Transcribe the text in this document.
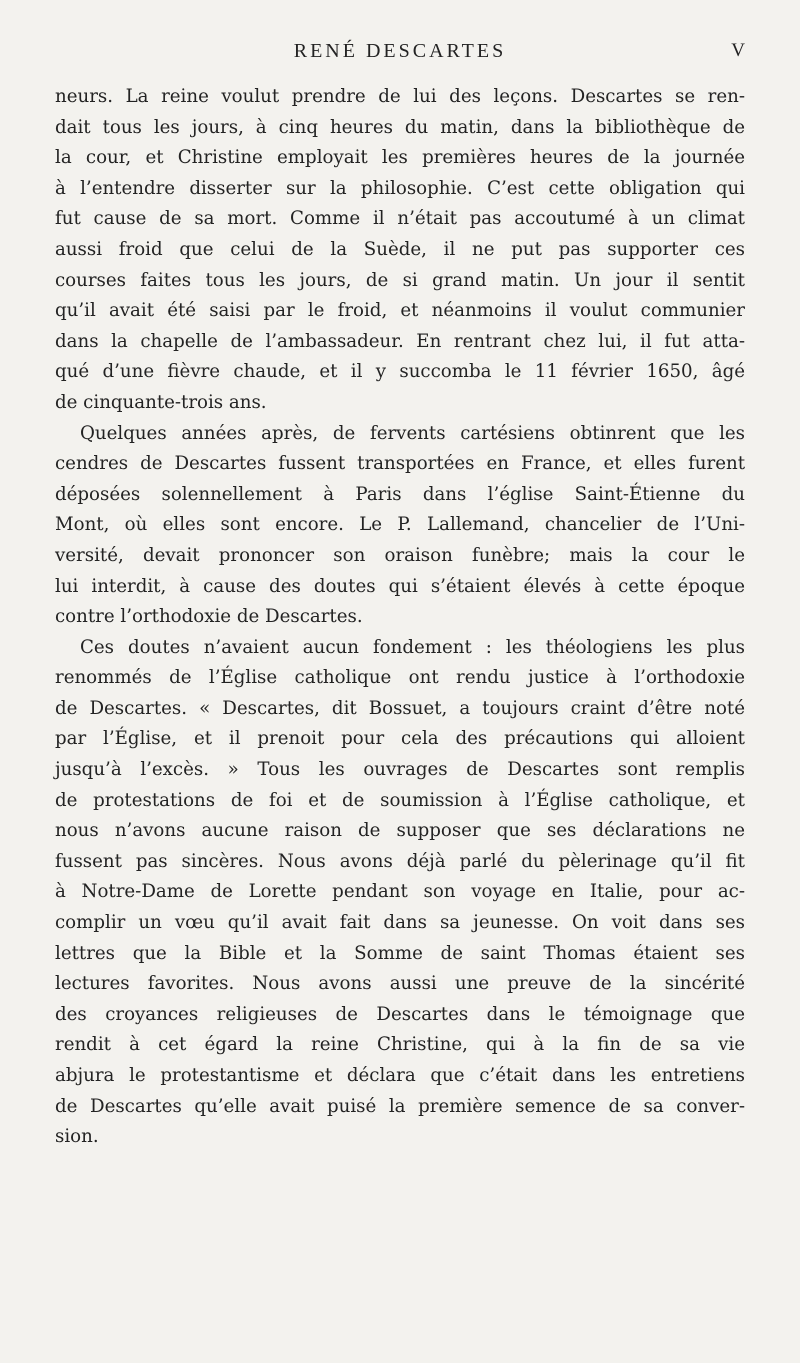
RENÉ DESCARTES	V
neurs. La reine voulut prendre de lui des leçons. Descartes se ren-
dait tous les jours, à cinq heures du matin, dans la bibliothèque de
la cour, et Christine employait les premières heures de la journée
à l’entendre disserter sur la philosophie. C’est cette obligation qui
fut cause de sa mort. Comme il n’était pas accoutumé à un climat
aussi froid que celui de la Suède, il ne put pas supporter ces
courses faites tous les jours, de si grand matin. Un jour il sentit
qu’il avait été saisi par le froid, et néanmoins il voulut communier
dans la chapelle de l’ambassadeur. En rentrant chez lui, il fut atta-
qué d’une fièvre chaude, et il y succomba le 11 février 1650, âgé
de cinquante-trois ans.
Quelques années après, de fervents cartésiens obtinrent que les
cendres de Descartes fussent transportées en France, et elles furent
déposées solennellement à Paris dans l’église Saint-Étienne du
Mont, où elles sont encore. Le P. Lallemand, chancelier de l’Uni-
versité, devait prononcer son oraison funèbre; mais la cour le
lui interdit, à cause des doutes qui s’étaient élevés à cette époque
contre l’orthodoxie de Descartes.
Ces doutes n’avaient aucun fondement : les théologiens les plus
renommés de l’Église catholique ont rendu justice à l’orthodoxie
de Descartes. « Descartes, dit Bossuet, a toujours craint d’être noté
par l’Église, et il prenoit pour cela des précautions qui alloient
jusqu’à l’excès. » Tous les ouvrages de Descartes sont remplis
de protestations de foi et de soumission à l’Église catholique, et
nous n’avons aucune raison de supposer que ses déclarations ne
fussent pas sincères. Nous avons déjà parlé du pèlerinage qu’il fit
à Notre-Dame de Lorette pendant son voyage en Italie, pour ac-
complir un vœu qu’il avait fait dans sa jeunesse. On voit dans ses
lettres que la Bible et la Somme de saint Thomas étaient ses
lectures favorites. Nous avons aussi une preuve de la sincérité
des croyances religieuses de Descartes dans le témoignage que
rendit à cet égard la reine Christine, qui à la fin de sa vie
abjura le protestantisme et déclara que c’était dans les entretiens
de Descartes qu’elle avait puisé la première semence de sa conver-
sion.
